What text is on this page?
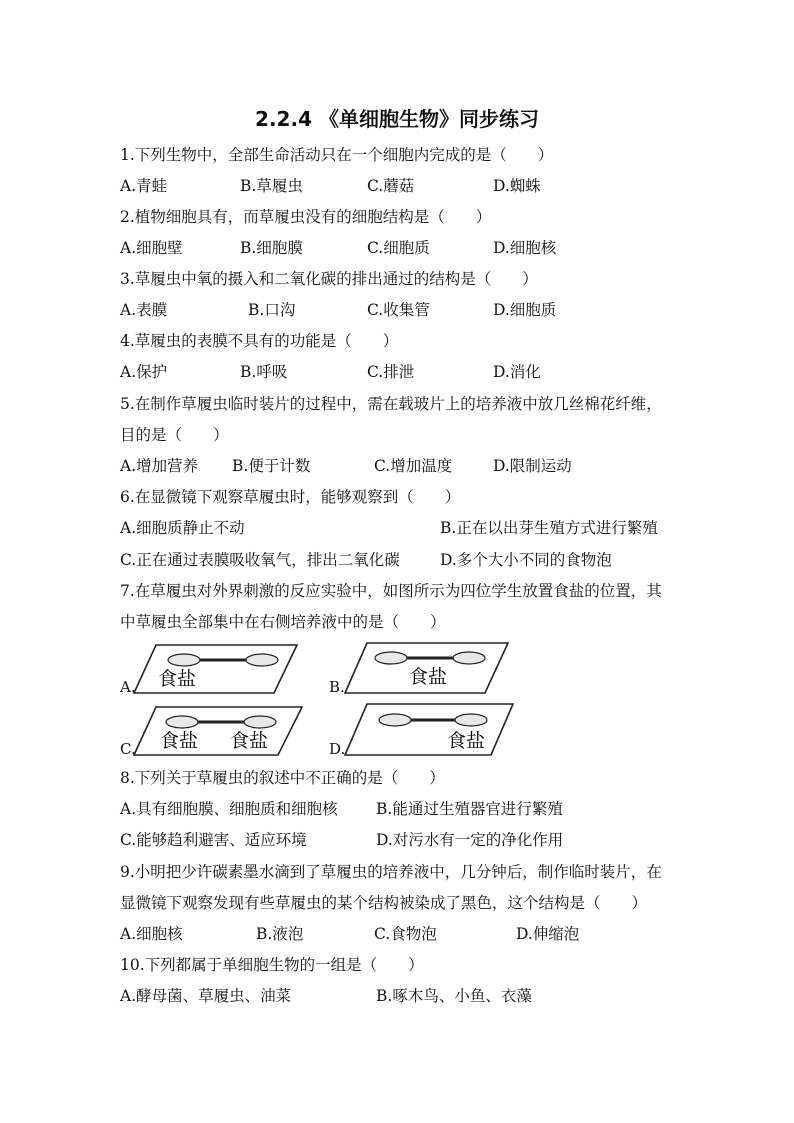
2.2.4 《单细胞生物》同步练习
1.下列生物中，全部生命活动只在一个细胞内完成的是（　　）
A.青蛙	B.草履虫	C.蘑菇	D.蜘蛛
2.植物细胞具有，而草履虫没有的细胞结构是（　　）
A.细胞壁	B.细胞膜	C.细胞质	D.细胞核
3.草履虫中氧的摄入和二氧化碳的排出通过的结构是（　　）
A.表膜	B.口沟	C.收集管	D.细胞质
4.草履虫的表膜不具有的功能是（　　）
A.保护	B.呼吸	C.排泄	D.消化
5.在制作草履虫临时装片的过程中，需在载玻片上的培养液中放几丝棉花纤维，
目的是（　　）
A.增加营养 B.便于计数	C.增加温度	D.限制运动
6.在显微镜下观察草履虫时，能够观察到（　　）
A.细胞质静止不动	B.正在以出芽生殖方式进行繁殖
C.正在通过表膜吸收氧气，排出二氧化碳	D.多个大小不同的食物泡
7.在草履虫对外界刺激的反应实验中，如图所示为四位学生放置食盐的位置，其
中草履虫全部集中在右侧培养液中的是（　　）
A. 食盐	B.	食盐
C. 食盐 食盐	D.	食盐
8.下列关于草履虫的叙述中不正确的是（　　）
A.具有细胞膜、细胞质和细胞核 B.能通过生殖器官进行繁殖
C.能够趋利避害、适应环境	D.对污水有一定的净化作用
9.小明把少许碳素墨水滴到了草履虫的培养液中，几分钟后，制作临时装片，在
显微镜下观察发现有些草履虫的某个结构被染成了黑色，这个结构是（　　）
A.细胞核	B.液泡	C.食物泡	D.伸缩泡
10.下列都属于单细胞生物的一组是（　　）
A.酵母菌、草履虫、油菜	B.啄木鸟、小鱼、衣藻
